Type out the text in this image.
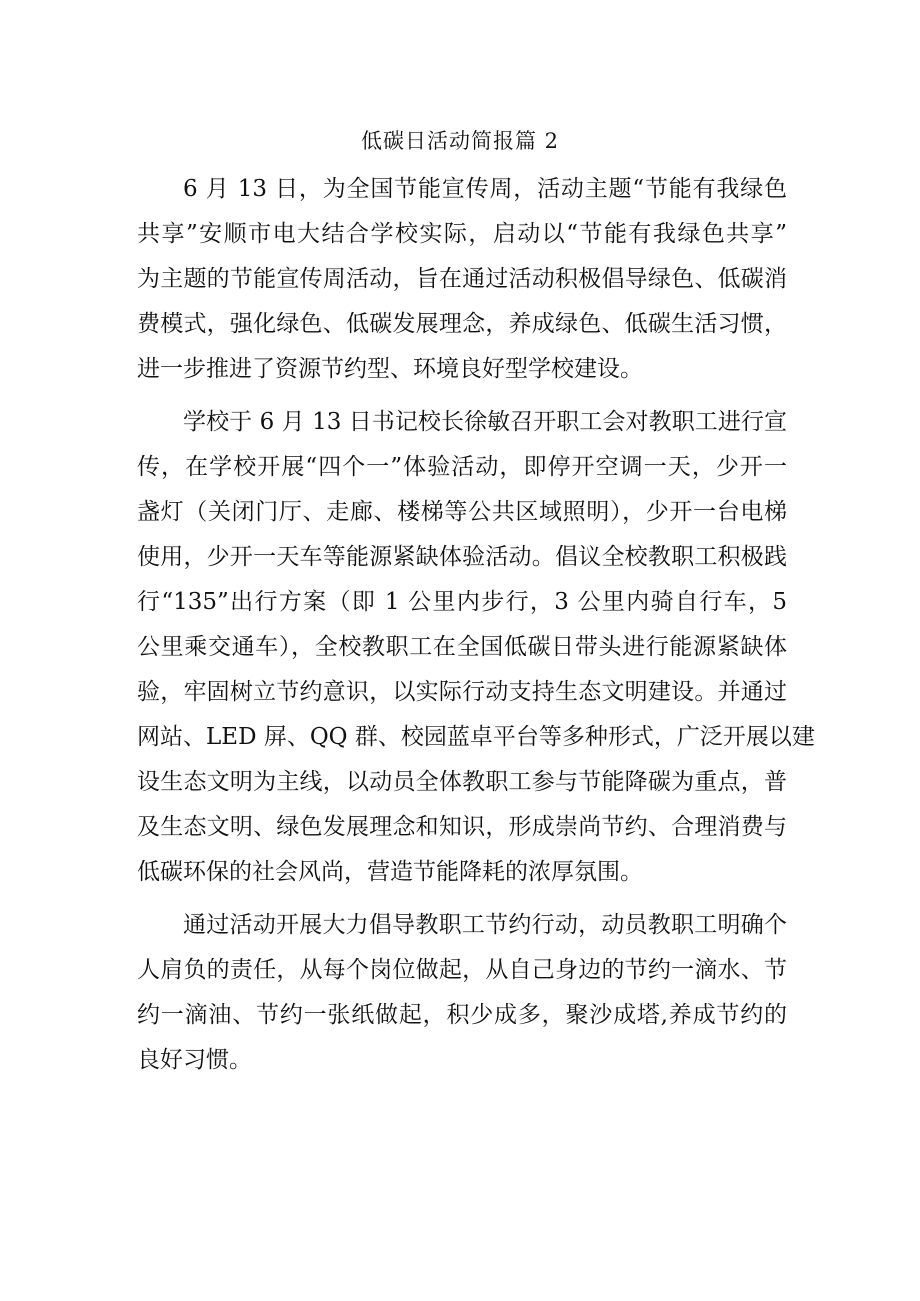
低碳日活动简报篇 2
6 月 13 日，为全国节能宣传周，活动主题“节能有我绿色
共享”安顺市电大结合学校实际，启动以“节能有我绿色共享”
为主题的节能宣传周活动，旨在通过活动积极倡导绿色、低碳消
费模式，强化绿色、低碳发展理念，养成绿色、低碳生活习惯，
进一步推进了资源节约型、环境良好型学校建设。
学校于 6 月 13 日书记校长徐敏召开职工会对教职工进行宣
传，在学校开展“四个一”体验活动，即停开空调一天，少开一
盏灯（关闭门厅、走廊、楼梯等公共区域照明），少开一台电梯
使用，少开一天车等能源紧缺体验活动。倡议全校教职工积极践
行“135”出行方案（即 1 公里内步行，3 公里内骑自行车，5
公里乘交通车），全校教职工在全国低碳日带头进行能源紧缺体
验，牢固树立节约意识，以实际行动支持生态文明建设。并通过
网站、LED 屏、QQ 群、校园蓝卓平台等多种形式，广泛开展以建
设生态文明为主线，以动员全体教职工参与节能降碳为重点，普
及生态文明、绿色发展理念和知识，形成崇尚节约、合理消费与
低碳环保的社会风尚，营造节能降耗的浓厚氛围。
通过活动开展大力倡导教职工节约行动，动员教职工明确个
人肩负的责任，从每个岗位做起，从自己身边的节约一滴水、节
约一滴油、节约一张纸做起，积少成多，聚沙成塔,养成节约的
良好习惯。
